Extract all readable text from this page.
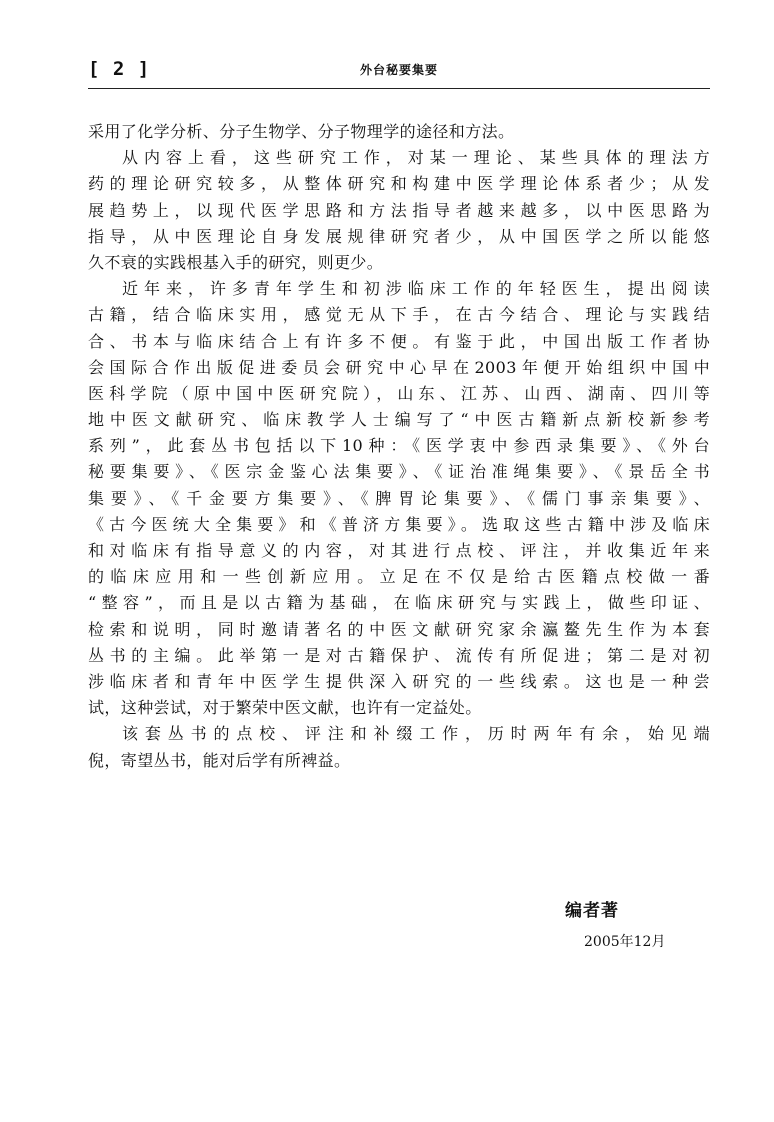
[ 2 ]	外台秘要集要
采用了化学分析、分子生物学、分子物理学的途径和方法。
从内容上看，这些研究工作，对某一理论、某些具体的理法方
药的理论研究较多，从整体研究和构建中医学理论体系者少；从发
展趋势上，以现代医学思路和方法指导者越来越多，以中医思路为
指导，从中医理论自身发展规律研究者少，从中国医学之所以能悠
久不衰的实践根基入手的研究，则更少。
近年来，许多青年学生和初涉临床工作的年轻医生，提出阅读
古籍，结合临床实用，感觉无从下手，在古今结合、理论与实践结
合、书本与临床结合上有许多不便。有鉴于此，中国出版工作者协
会国际合作出版促进委员会研究中心早在2003年便开始组织中国中
医科学院（原中国中医研究院），山东、江苏、山西、湖南、四川等
地中医文献研究、临床教学人士编写了“中医古籍新点新校新参考
系列”，此套丛书包括以下10种：《医学衷中参西录集要》、《外台
秘要集要》、《医宗金鉴心法集要》、《证治准绳集要》、《景岳全书
集要》、《千金要方集要》、《脾胃论集要》、《儒门事亲集要》、
《古今医统大全集要》和《普济方集要》。选取这些古籍中涉及临床
和对临床有指导意义的内容，对其进行点校、评注，并收集近年来
的临床应用和一些创新应用。立足在不仅是给古医籍点校做一番
“整容”，而且是以古籍为基础，在临床研究与实践上，做些印证、
检索和说明，同时邀请著名的中医文献研究家余瀛鳌先生作为本套
丛书的主编。此举第一是对古籍保护、流传有所促进；第二是对初
涉临床者和青年中医学生提供深入研究的一些线索。这也是一种尝
试，这种尝试，对于繁荣中医文献，也许有一定益处。
该套丛书的点校、评注和补缀工作，历时两年有余，始见端
倪，寄望丛书，能对后学有所裨益。
编者著
2005年12月
